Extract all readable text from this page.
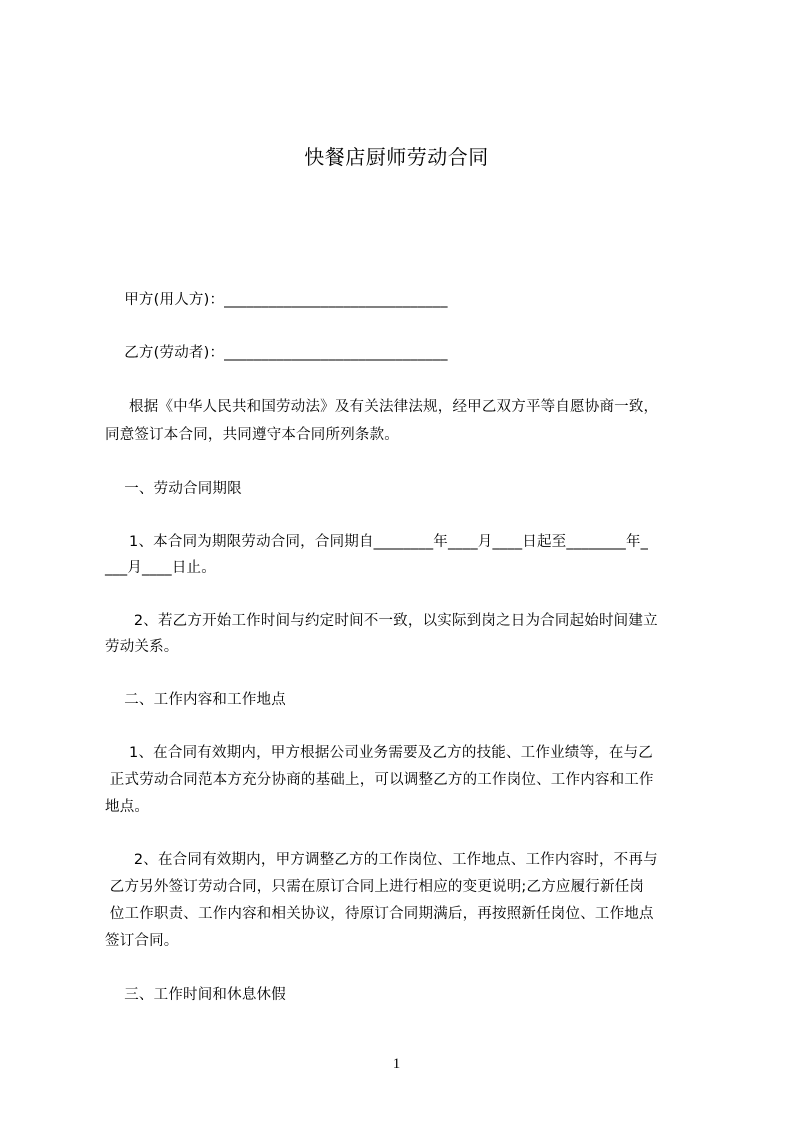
快餐店厨师劳动合同
甲方(用人方)：______________________________
乙方(劳动者)：______________________________
根据《中华人民共和国劳动法》及有关法律法规，经甲乙双方平等自愿协商一致，
同意签订本合同，共同遵守本合同所列条款。
一、劳动合同期限
1、本合同为期限劳动合同，合同期自________年____月____日起至________年_
___月____日止。
2、若乙方开始工作时间与约定时间不一致，以实际到岗之日为合同起始时间建立
劳动关系。
二、工作内容和工作地点
1、在合同有效期内，甲方根据公司业务需要及乙方的技能、工作业绩等，在与乙
正式劳动合同范本方充分协商的基础上，可以调整乙方的工作岗位、工作内容和工作
地点。
2、在合同有效期内，甲方调整乙方的工作岗位、工作地点、工作内容时，不再与
乙方另外签订劳动合同，只需在原订合同上进行相应的变更说明;乙方应履行新任岗
位工作职责、工作内容和相关协议，待原订合同期满后，再按照新任岗位、工作地点
签订合同。
三、工作时间和休息休假
1
